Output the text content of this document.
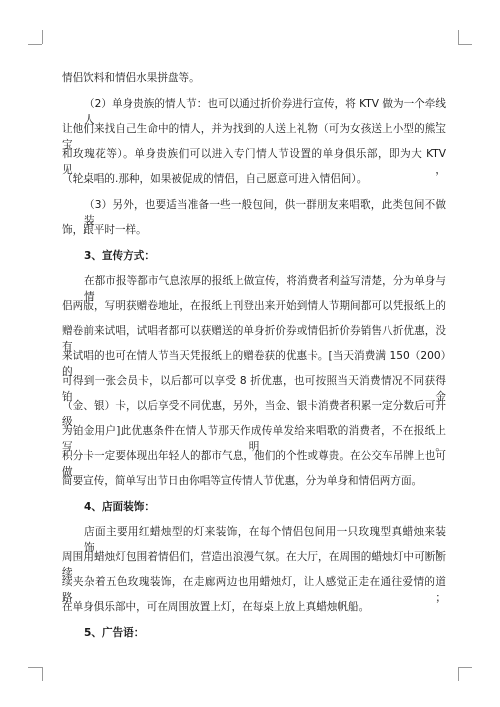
情侣饮料和情侣水果拼盘等。
（2）单身贵族的情人节：也可以通过折价券进行宣传，将 KTV 做为一个牵线人，
让他们来找自己生命中的情人，并为找到的人送上礼物（可为女孩送上小型的熊宝宝
和玫瑰花等）。单身贵族们可以进入专门情人节设置的单身俱乐部，即为大 KTV 见，
（轮桌唱的.那种，如果被促成的情侣，自己愿意可进入情侣间）。
（3）另外，也要适当准备一些一般包间，供一群朋友来唱歌，此类包间不做装
饰，跟平时一样。
3、宣传方式：
在都市报等都市气息浓厚的报纸上做宣传，将消费者利益写清楚，分为单身与情
侣两版，写明获赠卷地址，在报纸上刊登出来开始到情人节期间都可以凭报纸上的
赠卷前来试唱，试唱者都可以获赠送的单身折价券或情侣折价券销售八折优惠，没有
来试唱的也可在情人节当天凭报纸上的赠卷获的优惠卡。[当天消费满 150（200）的
可得到一张会员卡，以后都可以享受 8 折优惠，也可按照当天消费情况不同获得铂金
（金、银）卡，以后享受不同优惠，另外，当金、银卡消费者积累一定分数后可升级
为铂金用户]此优惠条件在情人节那天作成传单发给来唱歌的消费者，不在报纸上写明。
积分卡一定要体现出年轻人的都市气息，他们的个性或尊贵。在公交车吊牌上也可做
简要宣传，简单写出节日由你唱等宣传情人节优惠，分为单身和情侣两方面。
4、店面装饰：
店面主要用红蜡烛型的灯来装饰，在每个情侣包间用一只玫瑰型真蜡烛来装饰，
周围用蜡烛灯包围着情侣们，营造出浪漫气氛。在大厅，在周围的蜡烛灯中可断断续
续夹杂着五色玫瑰装饰，在走廊两边也用蜡烛灯，让人感觉正走在通往爱情的道路；
在单身俱乐部中，可在周围放置上灯，在每桌上放上真蜡烛帆船。
5、广告语：
